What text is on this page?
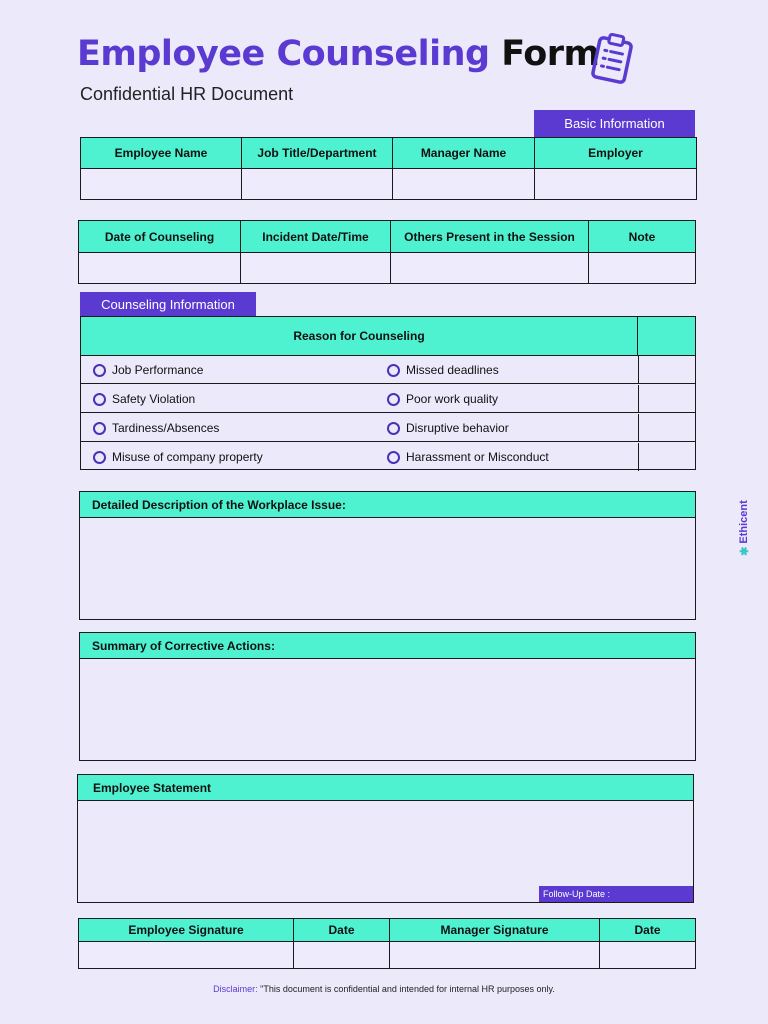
Employee Counseling Form
Confidential HR Document
Basic Information
Employee Name	Job Title/Department	Manager Name	Employer

Date of Counseling	Incident Date/Time	Others Present in the Session	Note

Counseling Information
Reason for Counseling
Job Performance	Missed deadlines
Safety Violation	Poor work quality
Tardiness/Absences	Disruptive behavior
Misuse of company property	Harassment or Misconduct
Detailed Description of the Workplace Issue:
Summary of Corrective Actions:
Employee Statement
Follow-Up Date :
Employee Signature	Date	Manager Signature	Date

Disclaimer: "This document is confidential and intended for internal HR purposes only.
✱
Ethicent
